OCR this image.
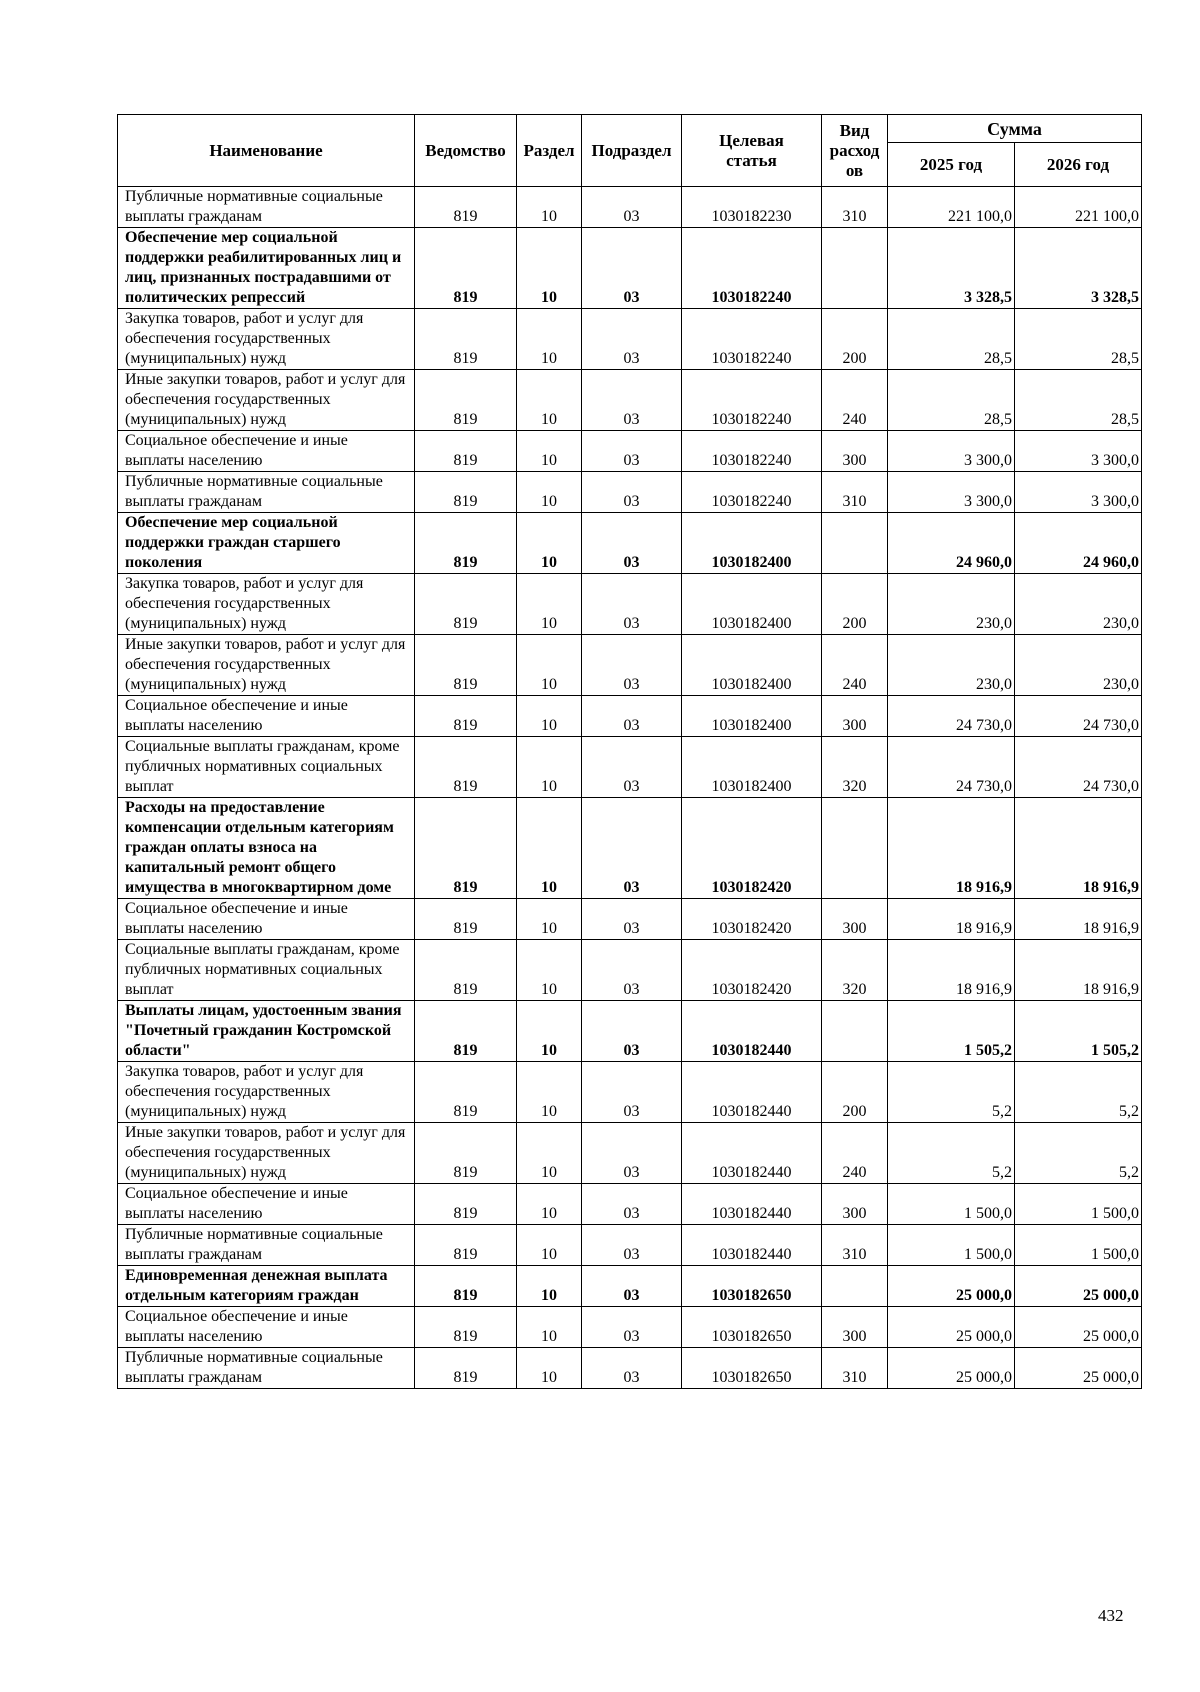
Наименование	Ведомство	Раздел	Подраздел	Целевая статья	Вид расход ов	Сумма	
						2025 год	2026 год
Публичные нормативные социальные выплаты гражданам	819	10	03	1030182230	310	221 100,0	221 100,0
Обеспечение мер социальной поддержки реабилитированных лиц и лиц, признанных пострадавшими от политических репрессий	819	10	03	1030182240		3 328,5	3 328,5
Закупка товаров, работ и услуг для обеспечения государственных (муниципальных) нужд	819	10	03	1030182240	200	28,5	28,5
Иные закупки товаров, работ и услуг для обеспечения государственных (муниципальных) нужд	819	10	03	1030182240	240	28,5	28,5
Социальное обеспечение и иные выплаты населению	819	10	03	1030182240	300	3 300,0	3 300,0
Публичные нормативные социальные выплаты гражданам	819	10	03	1030182240	310	3 300,0	3 300,0
Обеспечение мер социальной поддержки граждан старшего поколения	819	10	03	1030182400		24 960,0	24 960,0
Закупка товаров, работ и услуг для обеспечения государственных (муниципальных) нужд	819	10	03	1030182400	200	230,0	230,0
Иные закупки товаров, работ и услуг для обеспечения государственных (муниципальных) нужд	819	10	03	1030182400	240	230,0	230,0
Социальное обеспечение и иные выплаты населению	819	10	03	1030182400	300	24 730,0	24 730,0
Социальные выплаты гражданам, кроме публичных нормативных социальных выплат	819	10	03	1030182400	320	24 730,0	24 730,0
Расходы на предоставление компенсации отдельным категориям граждан оплаты взноса на капитальный ремонт общего имущества в многоквартирном доме	819	10	03	1030182420		18 916,9	18 916,9
Социальное обеспечение и иные выплаты населению	819	10	03	1030182420	300	18 916,9	18 916,9
Социальные выплаты гражданам, кроме публичных нормативных социальных выплат	819	10	03	1030182420	320	18 916,9	18 916,9
Выплаты лицам, удостоенным звания "Почетный гражданин Костромской области"	819	10	03	1030182440		1 505,2	1 505,2
Закупка товаров, работ и услуг для обеспечения государственных (муниципальных) нужд	819	10	03	1030182440	200	5,2	5,2
Иные закупки товаров, работ и услуг для обеспечения государственных (муниципальных) нужд	819	10	03	1030182440	240	5,2	5,2
Социальное обеспечение и иные выплаты населению	819	10	03	1030182440	300	1 500,0	1 500,0
Публичные нормативные социальные выплаты гражданам	819	10	03	1030182440	310	1 500,0	1 500,0
Единовременная денежная выплата отдельным категориям граждан	819	10	03	1030182650		25 000,0	25 000,0
Социальное обеспечение и иные выплаты населению	819	10	03	1030182650	300	25 000,0	25 000,0
Публичные нормативные социальные выплаты гражданам	819	10	03	1030182650	310	25 000,0	25 000,0
432
